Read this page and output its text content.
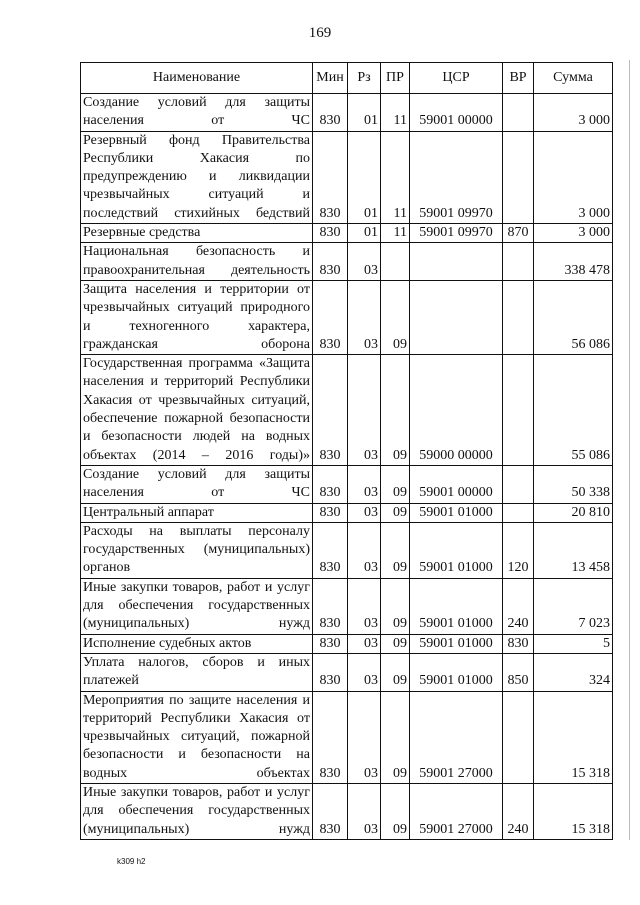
169
Наименование	Мин	Рз	ПР	ЦСР	ВР	Сумма
Создание условий для защиты населения от ЧС	830	01	11	59001 00000		3 000
Резервный фонд Правительства Республики Хакасия по предупреждению и ликвидации чрезвычайных ситуаций и последствий стихийных бедствий	830	01	11	59001 09970		3 000
Резервные средства	830	01	11	59001 09970	870	3 000
Национальная безопасность и правоохранительная деятельность	830	03				338 478
Защита населения и территории от чрезвычайных ситуаций природного и техногенного характера, гражданская оборона	830	03	09			56 086
Государственная программа «Защита населения и территорий Республики Хакасия от чрезвычайных ситуаций, обеспечение пожарной безопасности и безопасности людей на водных объектах (2014 – 2016 годы)»	830	03	09	59000 00000		55 086
Создание условий для защиты населения от ЧС	830	03	09	59001 00000		50 338
Центральный аппарат	830	03	09	59001 01000		20 810
Расходы на выплаты персоналу государственных (муниципальных) органов	830	03	09	59001 01000	120	13 458
Иные закупки товаров, работ и услуг для обеспечения государственных (муниципальных) нужд	830	03	09	59001 01000	240	7 023
Исполнение судебных актов	830	03	09	59001 01000	830	5
Уплата налогов, сборов и иных платежей	830	03	09	59001 01000	850	324
Мероприятия по защите населения и территорий Республики Хакасия от чрезвычайных ситуаций, пожарной безопасности и безопасности на водных объектах	830	03	09	59001 27000		15 318
Иные закупки товаров, работ и услуг для обеспечения государственных (муниципальных) нужд	830	03	09	59001 27000	240	15 318
k309 h2
